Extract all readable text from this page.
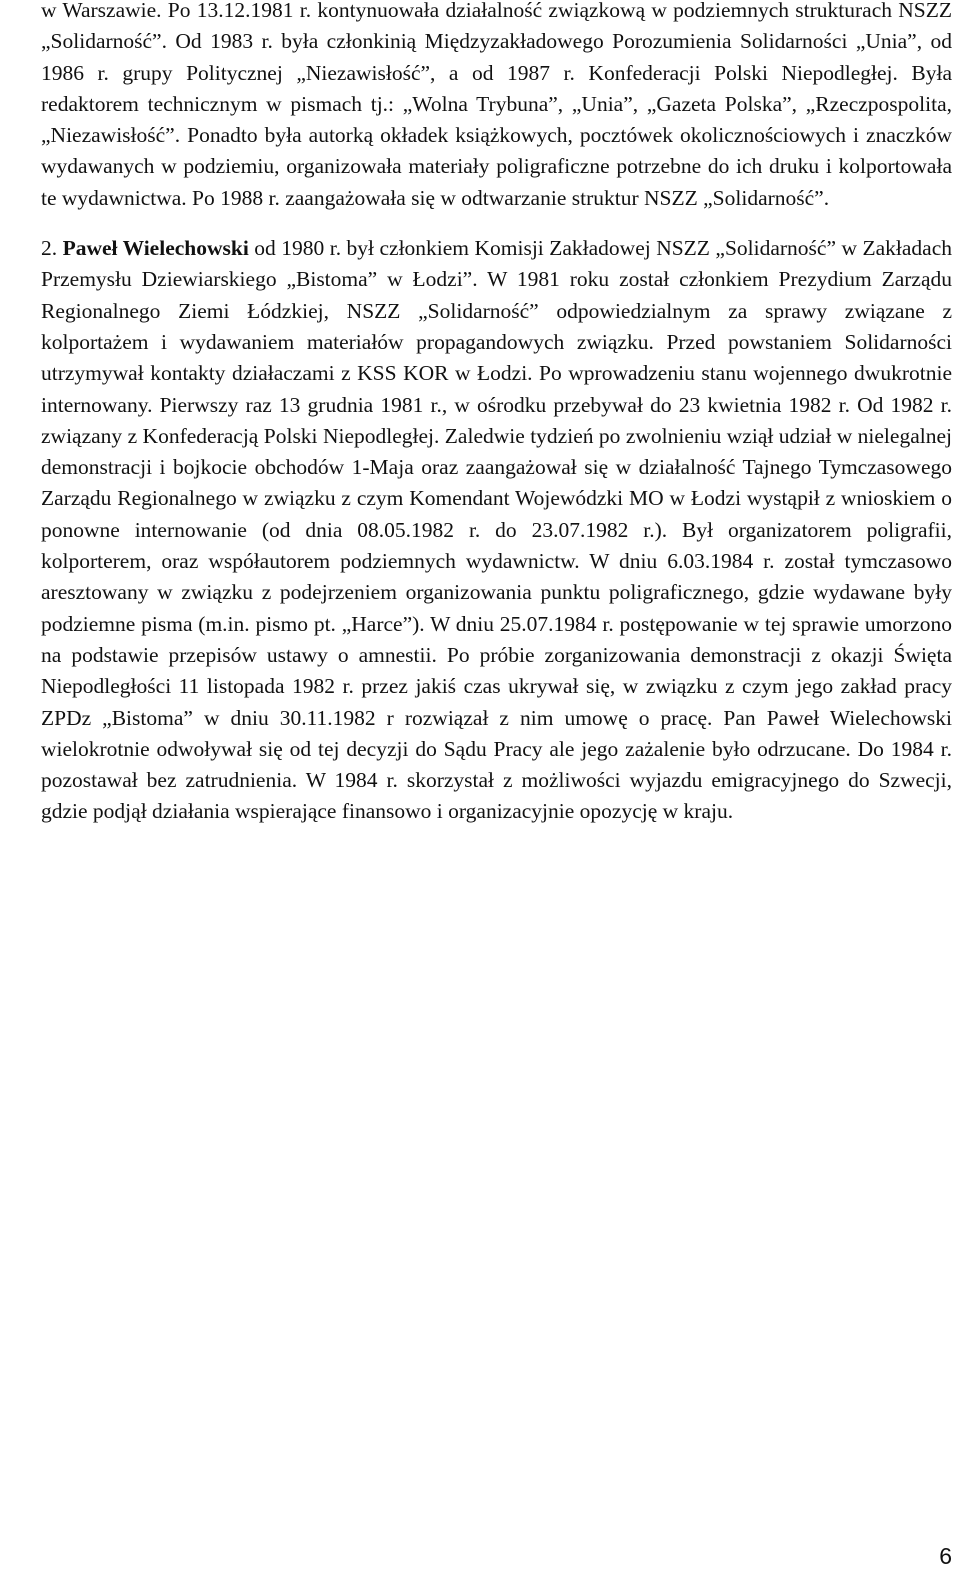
w Warszawie. Po 13.12.1981 r. kontynuowała działalność związkową w podziemnych strukturach NSZZ „Solidarność”. Od 1983 r. była członkinią Międzyzakładowego Porozumienia Solidarności „Unia”, od 1986 r. grupy Politycznej „Niezawisłość”, a od 1987 r. Konfederacji Polski Niepodległej. Była redaktorem technicznym w pismach tj.: „Wolna Trybuna”, „Unia”, „Gazeta Polska”, „Rzeczpospolita, „Niezawisłość”. Ponadto była autorką okładek książkowych, pocztówek okolicznościowych i znaczków wydawanych w podziemiu, organizowała materiały poligraficzne potrzebne do ich druku i kolportowała te wydawnictwa. Po 1988 r. zaangażowała się w odtwarzanie struktur NSZZ „Solidarność”.

2. Paweł Wielechowski od 1980 r. był członkiem Komisji Zakładowej NSZZ „Solidarność” w Zakładach Przemysłu Dziewiarskiego „Bistoma” w Łodzi”. W 1981 roku został członkiem Prezydium Zarządu Regionalnego Ziemi Łódzkiej, NSZZ „Solidarność” odpowiedzialnym za sprawy związane z kolportażem i wydawaniem materiałów propagandowych związku. Przed powstaniem Solidarności utrzymywał kontakty działaczami z KSS KOR w Łodzi. Po wprowadzeniu stanu wojennego dwukrotnie internowany. Pierwszy raz 13 grudnia 1981 r., w ośrodku przebywał do 23 kwietnia 1982 r. Od 1982 r. związany z Konfederacją Polski Niepodległej. Zaledwie tydzień po zwolnieniu wziął udział w nielegalnej demonstracji i bojkocie obchodów 1-Maja oraz zaangażował się w działalność Tajnego Tymczasowego Zarządu Regionalnego w związku z czym Komendant Wojewódzki MO w Łodzi wystąpił z wnioskiem o ponowne internowanie (od dnia 08.05.1982 r. do 23.07.1982 r.). Był organizatorem poligrafii, kolporterem, oraz współautorem podziemnych wydawnictw. W dniu 6.03.1984 r. został tymczasowo aresztowany w związku z podejrzeniem organizowania punktu poligraficznego, gdzie wydawane były podziemne pisma (m.in. pismo pt. „Harce”). W dniu 25.07.1984 r. postępowanie w tej sprawie umorzono na podstawie przepisów ustawy o amnestii. Po próbie zorganizowania demonstracji z okazji Święta Niepodległości 11 listopada 1982 r. przez jakiś czas ukrywał się, w związku z czym jego zakład pracy ZPDz „Bistoma” w dniu 30.11.1982 r rozwiązał z nim umowę o pracę. Pan Paweł Wielechowski wielokrotnie odwoływał się od tej decyzji do Sądu Pracy ale jego zażalenie było odrzucane. Do 1984 r. pozostawał bez zatrudnienia. W 1984 r. skorzystał z możliwości wyjazdu emigracyjnego do Szwecji, gdzie podjął działania wspierające finansowo i organizacyjnie opozycję w kraju.

6
